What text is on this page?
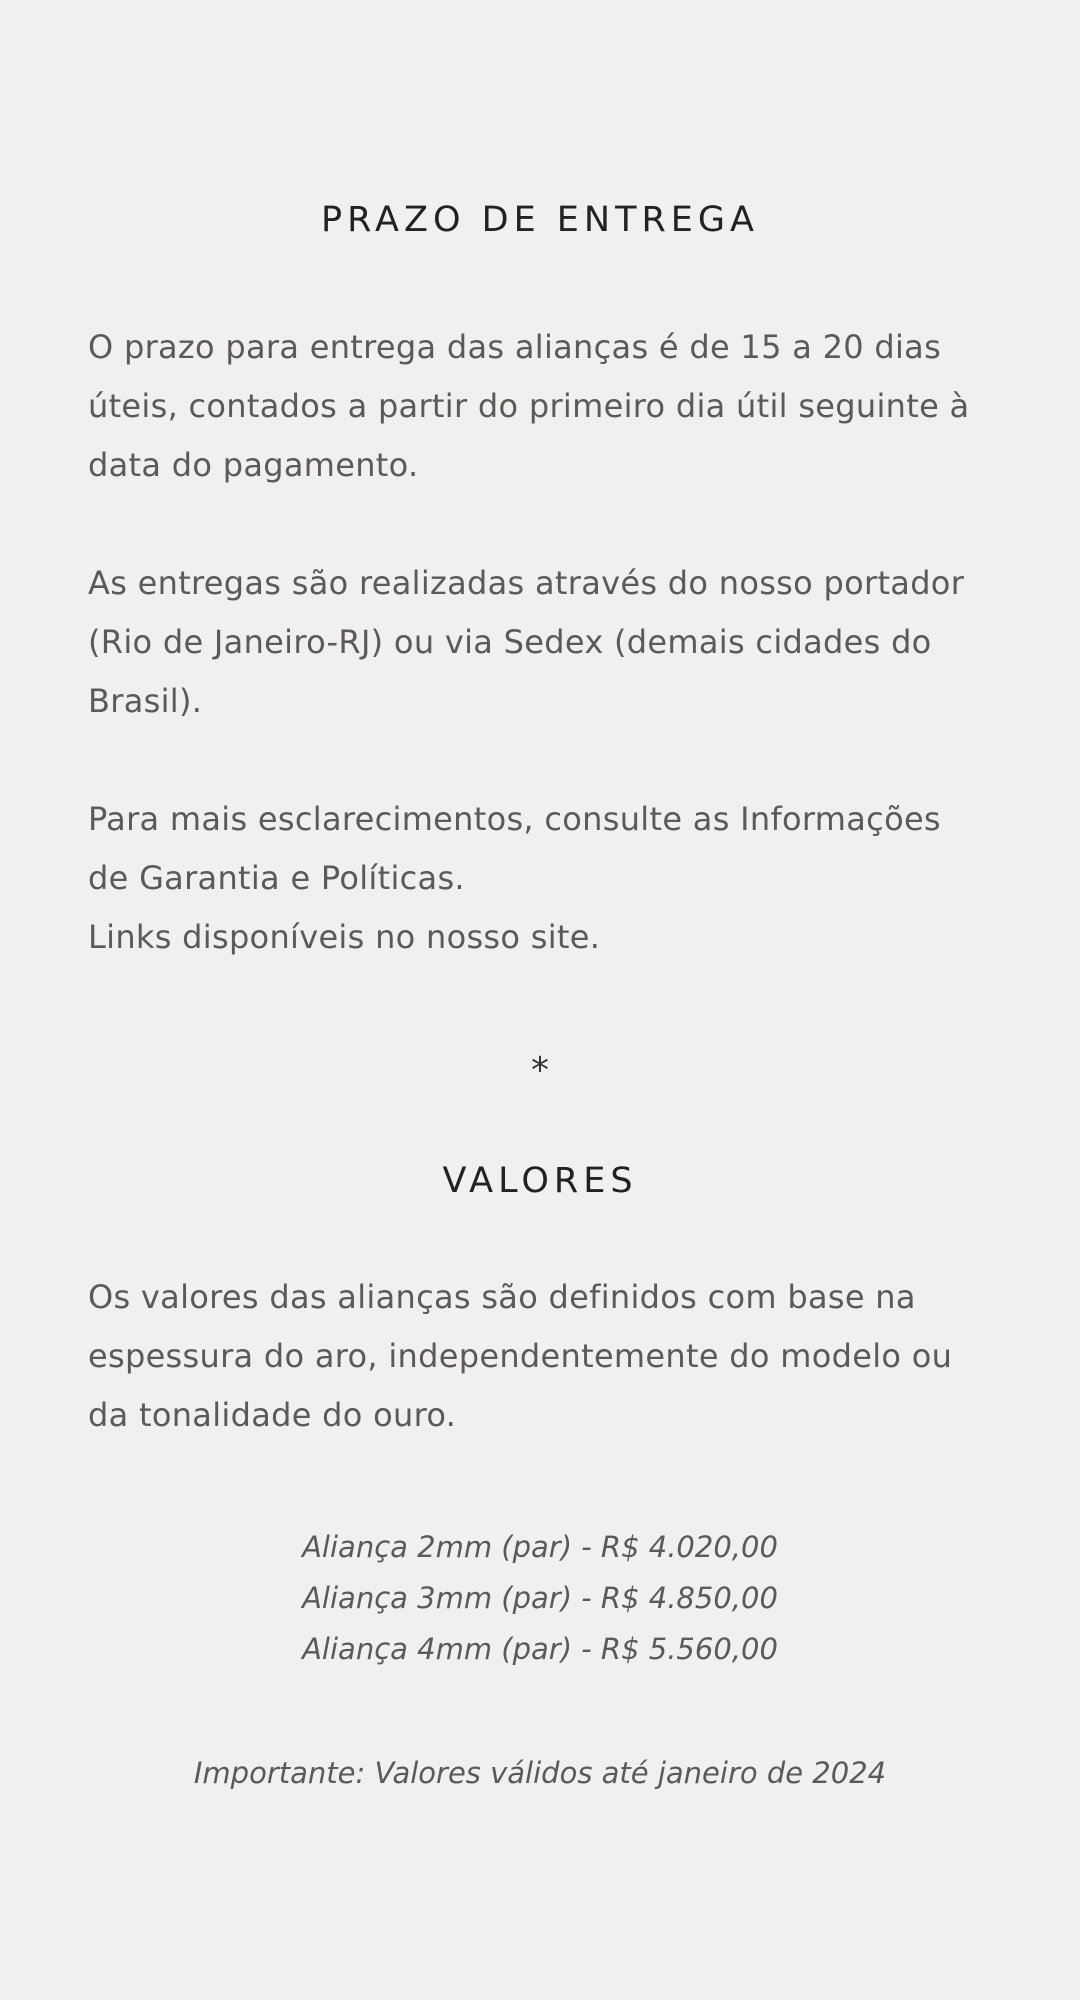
PRAZO DE ENTREGA

O prazo para entrega das alianças é de 15 a 20 dias
úteis, contados a partir do primeiro dia útil seguinte à
data do pagamento.

As entregas são realizadas através do nosso portador
(Rio de Janeiro-RJ) ou via Sedex (demais cidades do
Brasil).

Para mais esclarecimentos, consulte as Informações
de Garantia e Políticas.
Links disponíveis no nosso site.

*
VALORES

Os valores das alianças são definidos com base na
espessura do aro, independentemente do modelo ou
da tonalidade do ouro.

Aliança 2mm (par) - R$ 4.020,00
Aliança 3mm (par) - R$ 4.850,00
Aliança 4mm (par) - R$ 5.560,00
Importante: Valores válidos até janeiro de 2024
